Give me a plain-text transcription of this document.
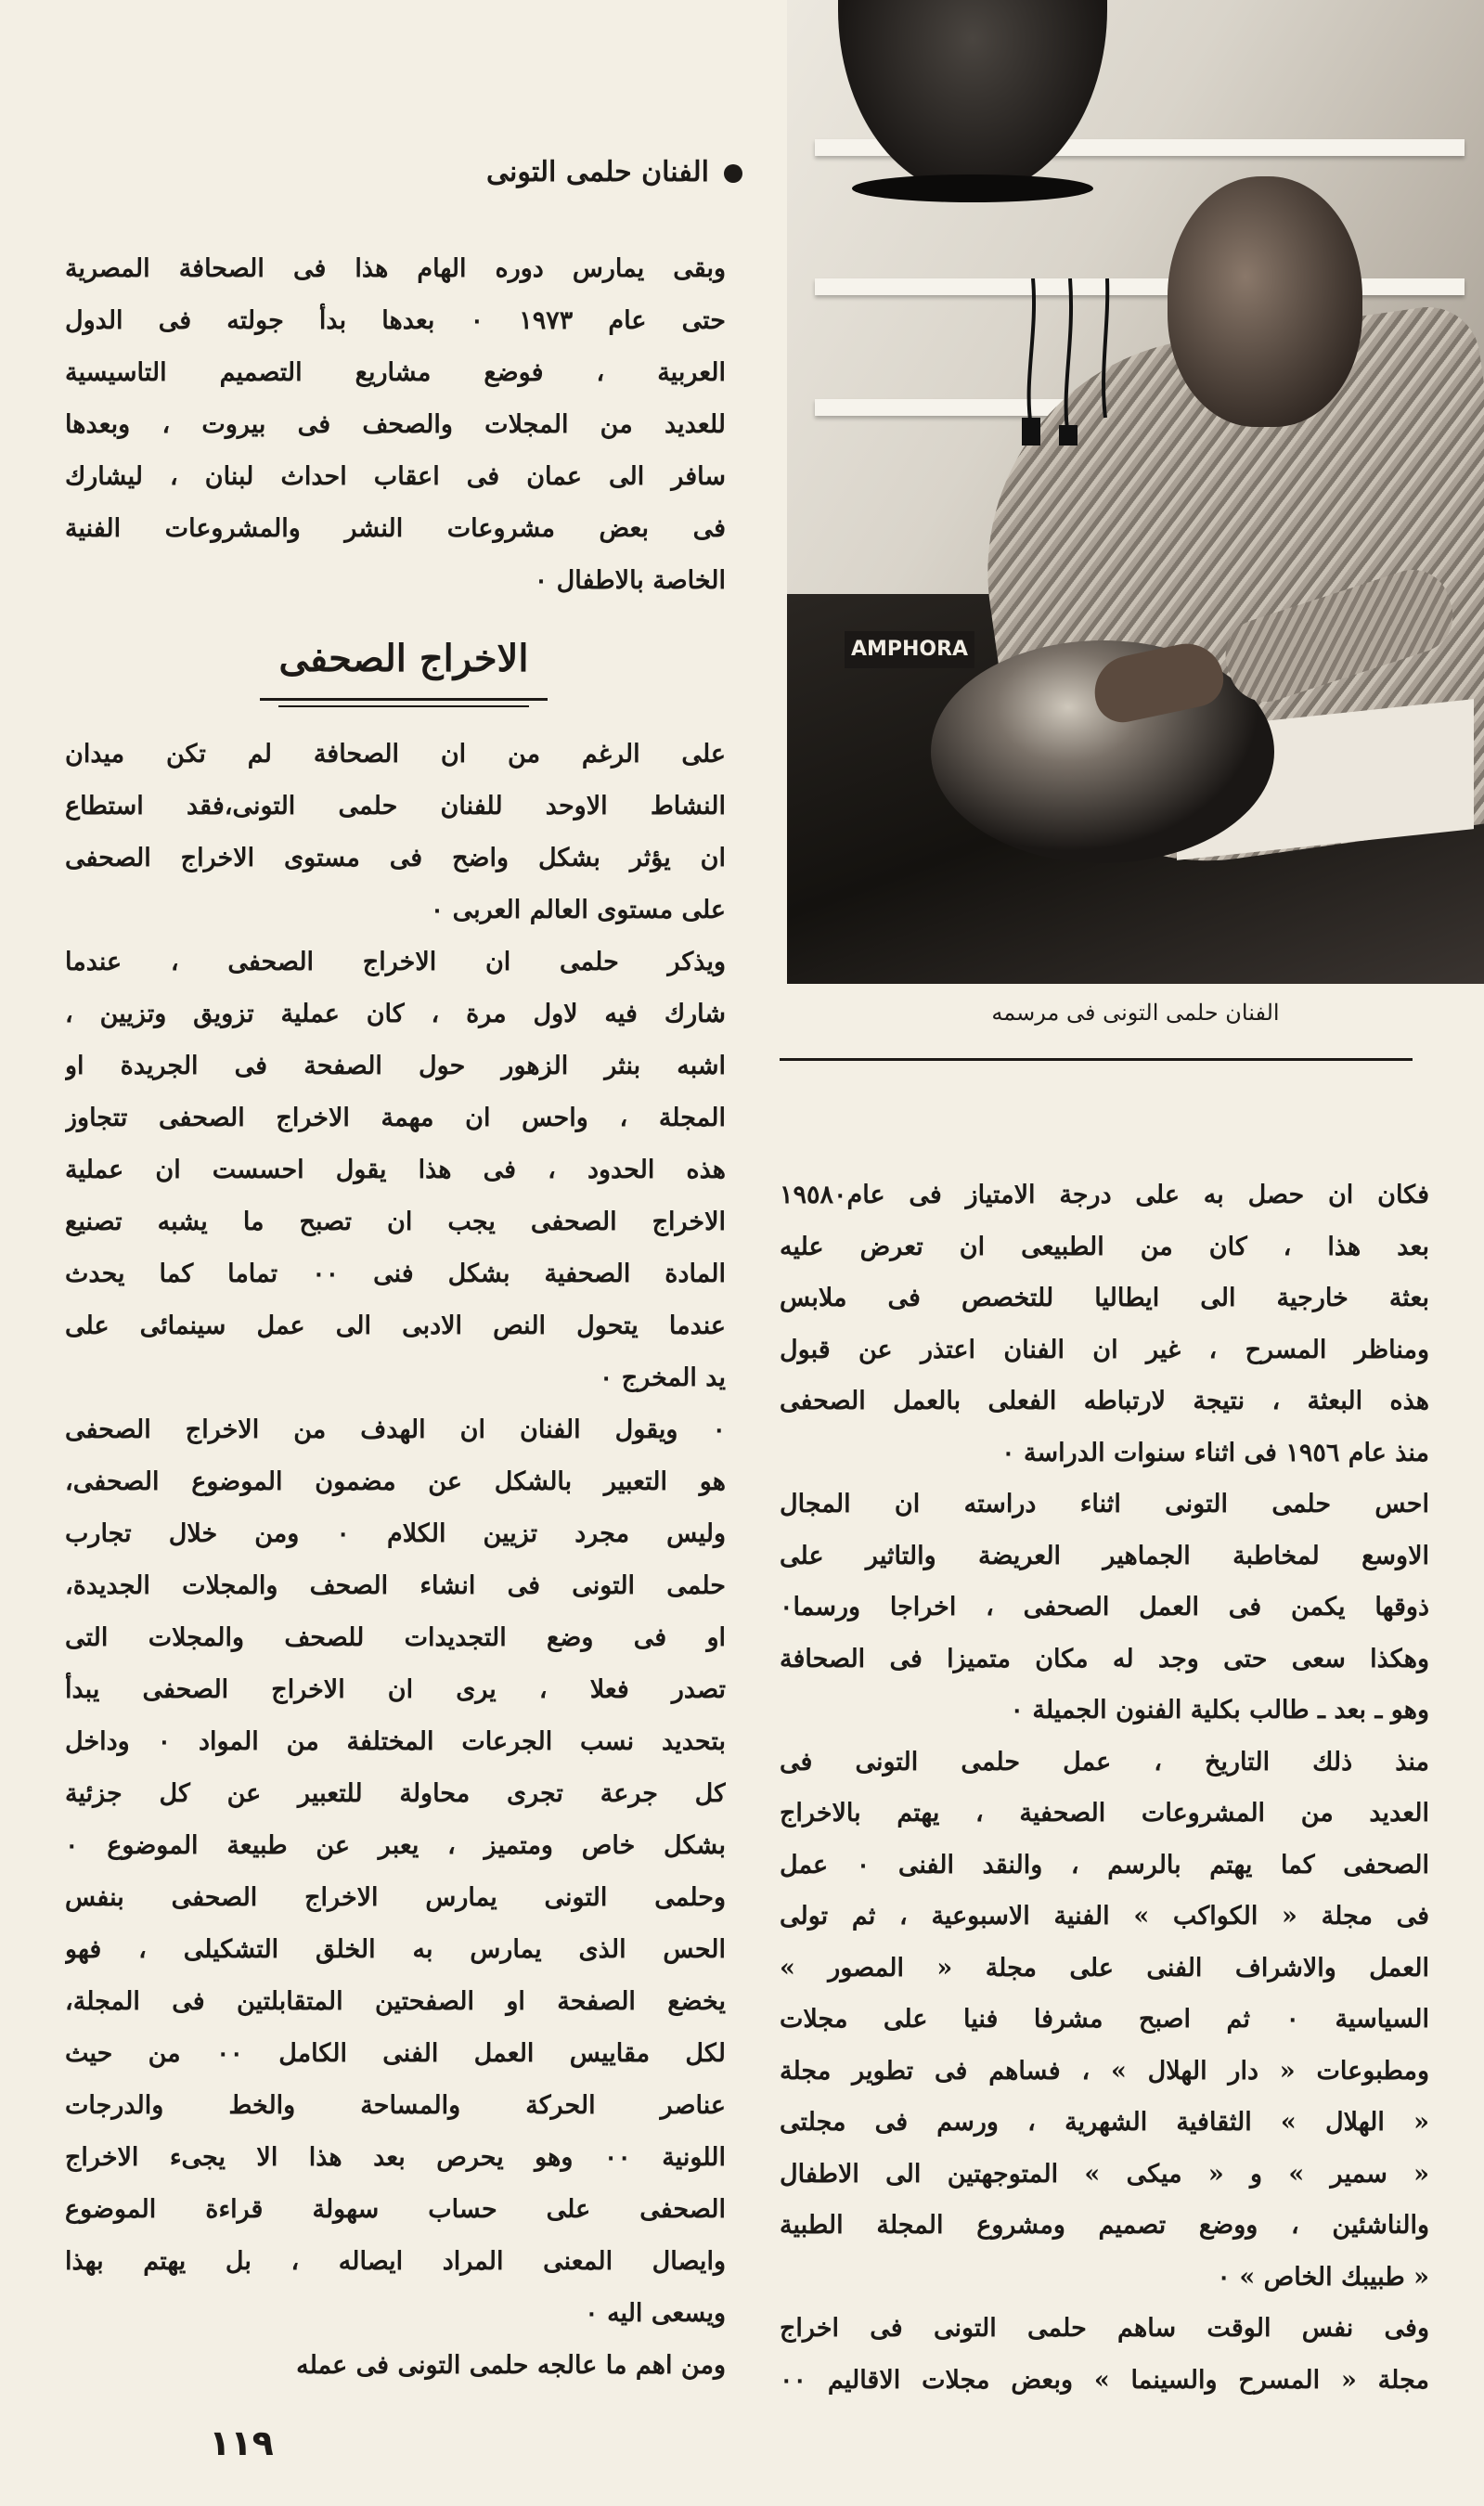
AMPHORA
الفنان حلمى التونى فى مرسمه
الفنان حلمى التونى
وبقى يمارس دوره الهام هذا فى الصحافة المصرية
حتى عام ١٩٧٣ ٠ بعدها بدأ جولته فى الدول
العربية ، فوضع مشاريع التصميم التاسيسية
للعديد من المجلات والصحف فى بيروت ، وبعدها
سافر الى عمان فى اعقاب احداث لبنان ، ليشارك
فى بعض مشروعات النشر والمشروعات الفنية
الخاصة بالاطفال ٠
الاخراج الصحفى
على الرغم من ان الصحافة لم تكن ميدان
النشاط الاوحد للفنان حلمى التونى،فقد استطاع
ان يؤثر بشكل واضح فى مستوى الاخراج الصحفى
على مستوى العالم العربى ٠
ويذكر حلمى ان الاخراج الصحفى ، عندما
شارك فيه لاول مرة ، كان عملية تزويق وتزيين ،
اشبه بنثر الزهور حول الصفحة فى الجريدة او
المجلة ، واحس ان مهمة الاخراج الصحفى تتجاوز
هذه الحدود ، فى هذا يقول احسست ان عملية
الاخراج الصحفى يجب ان تصبح ما يشبه تصنيع
المادة الصحفية بشكل فنى ٠٠ تماما كما يحدث
عندما يتحول النص الادبى الى عمل سينمائى على
يد المخرج ٠
٠ ويقول الفنان ان الهدف من الاخراج الصحفى
هو التعبير بالشكل عن مضمون الموضوع الصحفى،
وليس مجرد تزيين الكلام ٠ ومن خلال تجارب
حلمى التونى فى انشاء الصحف والمجلات الجديدة،
او فى وضع التجديدات للصحف والمجلات التى
تصدر فعلا ، يرى ان الاخراج الصحفى يبدأ
بتحديد نسب الجرعات المختلفة من المواد ٠ وداخل
كل جرعة تجرى محاولة للتعبير عن كل جزئية
بشكل خاص ومتميز ، يعبر عن طبيعة الموضوع ٠
وحلمى التونى يمارس الاخراج الصحفى بنفس
الحس الذى يمارس به الخلق التشكيلى ، فهو
يخضع الصفحة او الصفحتين المتقابلتين فى المجلة،
لكل مقاييس العمل الفنى الكامل ٠٠ من حيث
عناصر الحركة والمساحة والخط والدرجات
اللونية ٠٠ وهو يحرص بعد هذا الا يجىء الاخراج
الصحفى على حساب سهولة قراءة الموضوع
وايصال المعنى المراد ايصاله ، بل يهتم بهذا
ويسعى اليه ٠
ومن اهم ما عالجه حلمى التونى فى عمله
فكان ان حصل به على درجة الامتياز فى عام١٩٥٨٠
بعد هذا ، كان من الطبيعى ان تعرض عليه
بعثة خارجية الى ايطاليا للتخصص فى ملابس
ومناظر المسرح ، غير ان الفنان اعتذر عن قبول
هذه البعثة ، نتيجة لارتباطه الفعلى بالعمل الصحفى
منذ عام ١٩٥٦ فى اثناء سنوات الدراسة ٠
احس حلمى التونى اثناء دراسته ان المجال
الاوسع لمخاطبة الجماهير العريضة والتاثير على
ذوقها يكمن فى العمل الصحفى ، اخراجا ورسما٠
وهكذا سعى حتى وجد له مكان متميزا فى الصحافة
وهو ـ بعد ـ طالب بكلية الفنون الجميلة ٠
منذ ذلك التاريخ ، عمل حلمى التونى فى
العديد من المشروعات الصحفية ، يهتم بالاخراج
الصحفى كما يهتم بالرسم ، والنقد الفنى ٠ عمل
فى مجلة « الكواكب » الفنية الاسبوعية ، ثم تولى
العمل والاشراف الفنى على مجلة « المصور »
السياسية ٠ ثم اصبح مشرفا فنيا على مجلات
ومطبوعات « دار الهلال » ، فساهم فى تطوير مجلة
« الهلال » الثقافية الشهرية ، ورسم فى مجلتى
« سمير » و « ميكى » المتوجهتين الى الاطفال
والناشئين ، ووضع تصميم ومشروع المجلة الطبية
« طبيبك الخاص » ٠
وفى نفس الوقت ساهم حلمى التونى فى اخراج
مجلة « المسرح والسينما » وبعض مجلات الاقاليم ٠٠
١١٩
